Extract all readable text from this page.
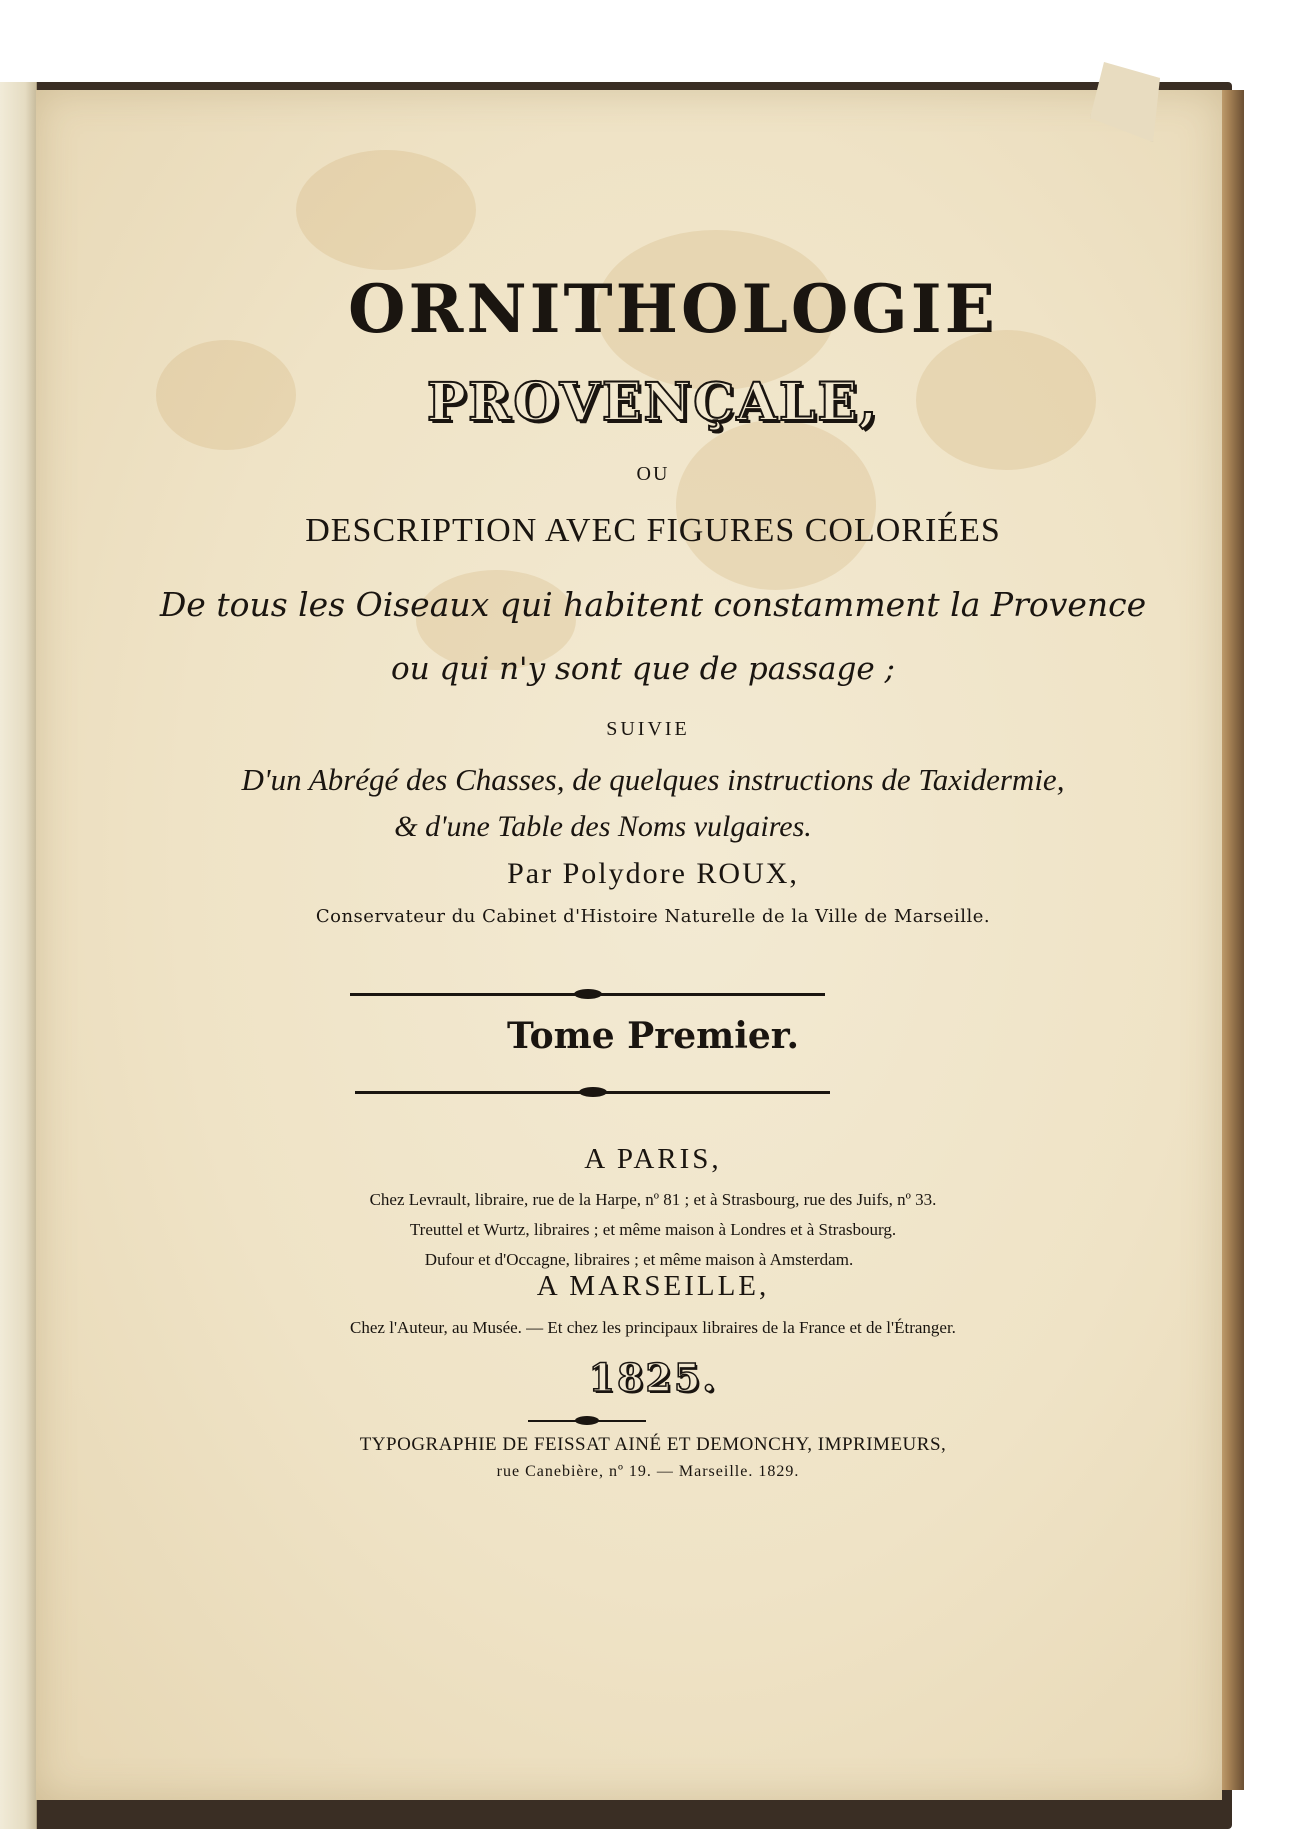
ORNITHOLOGIE

PROVENÇALE,

OU

DESCRIPTION AVEC FIGURES COLORIÉES

De tous les Oiseaux qui habitent constamment la Provence

ou qui n'y sont que de passage ;

SUIVIE

D'un Abrégé des Chasses, de quelques instructions de Taxidermie,

& d'une Table des Noms vulgaires.

Par Polydore ROUX,

Conservateur du Cabinet d'Histoire Naturelle de la Ville de Marseille.

Tome Premier.

A PARIS,

Chez Levrault, libraire, rue de la Harpe, nº 81 ; et à Strasbourg, rue des Juifs, nº 33.

Treuttel et Wurtz, libraires ; et même maison à Londres et à Strasbourg.

Dufour et d'Occagne, libraires ; et même maison à Amsterdam.

A MARSEILLE,

Chez l'Auteur, au Musée. — Et chez les principaux libraires de la France et de l'Étranger.

1825.

TYPOGRAPHIE DE FEISSAT AINÉ ET DEMONCHY, IMPRIMEURS,

rue Canebière, nº 19. — Marseille. 1829.
